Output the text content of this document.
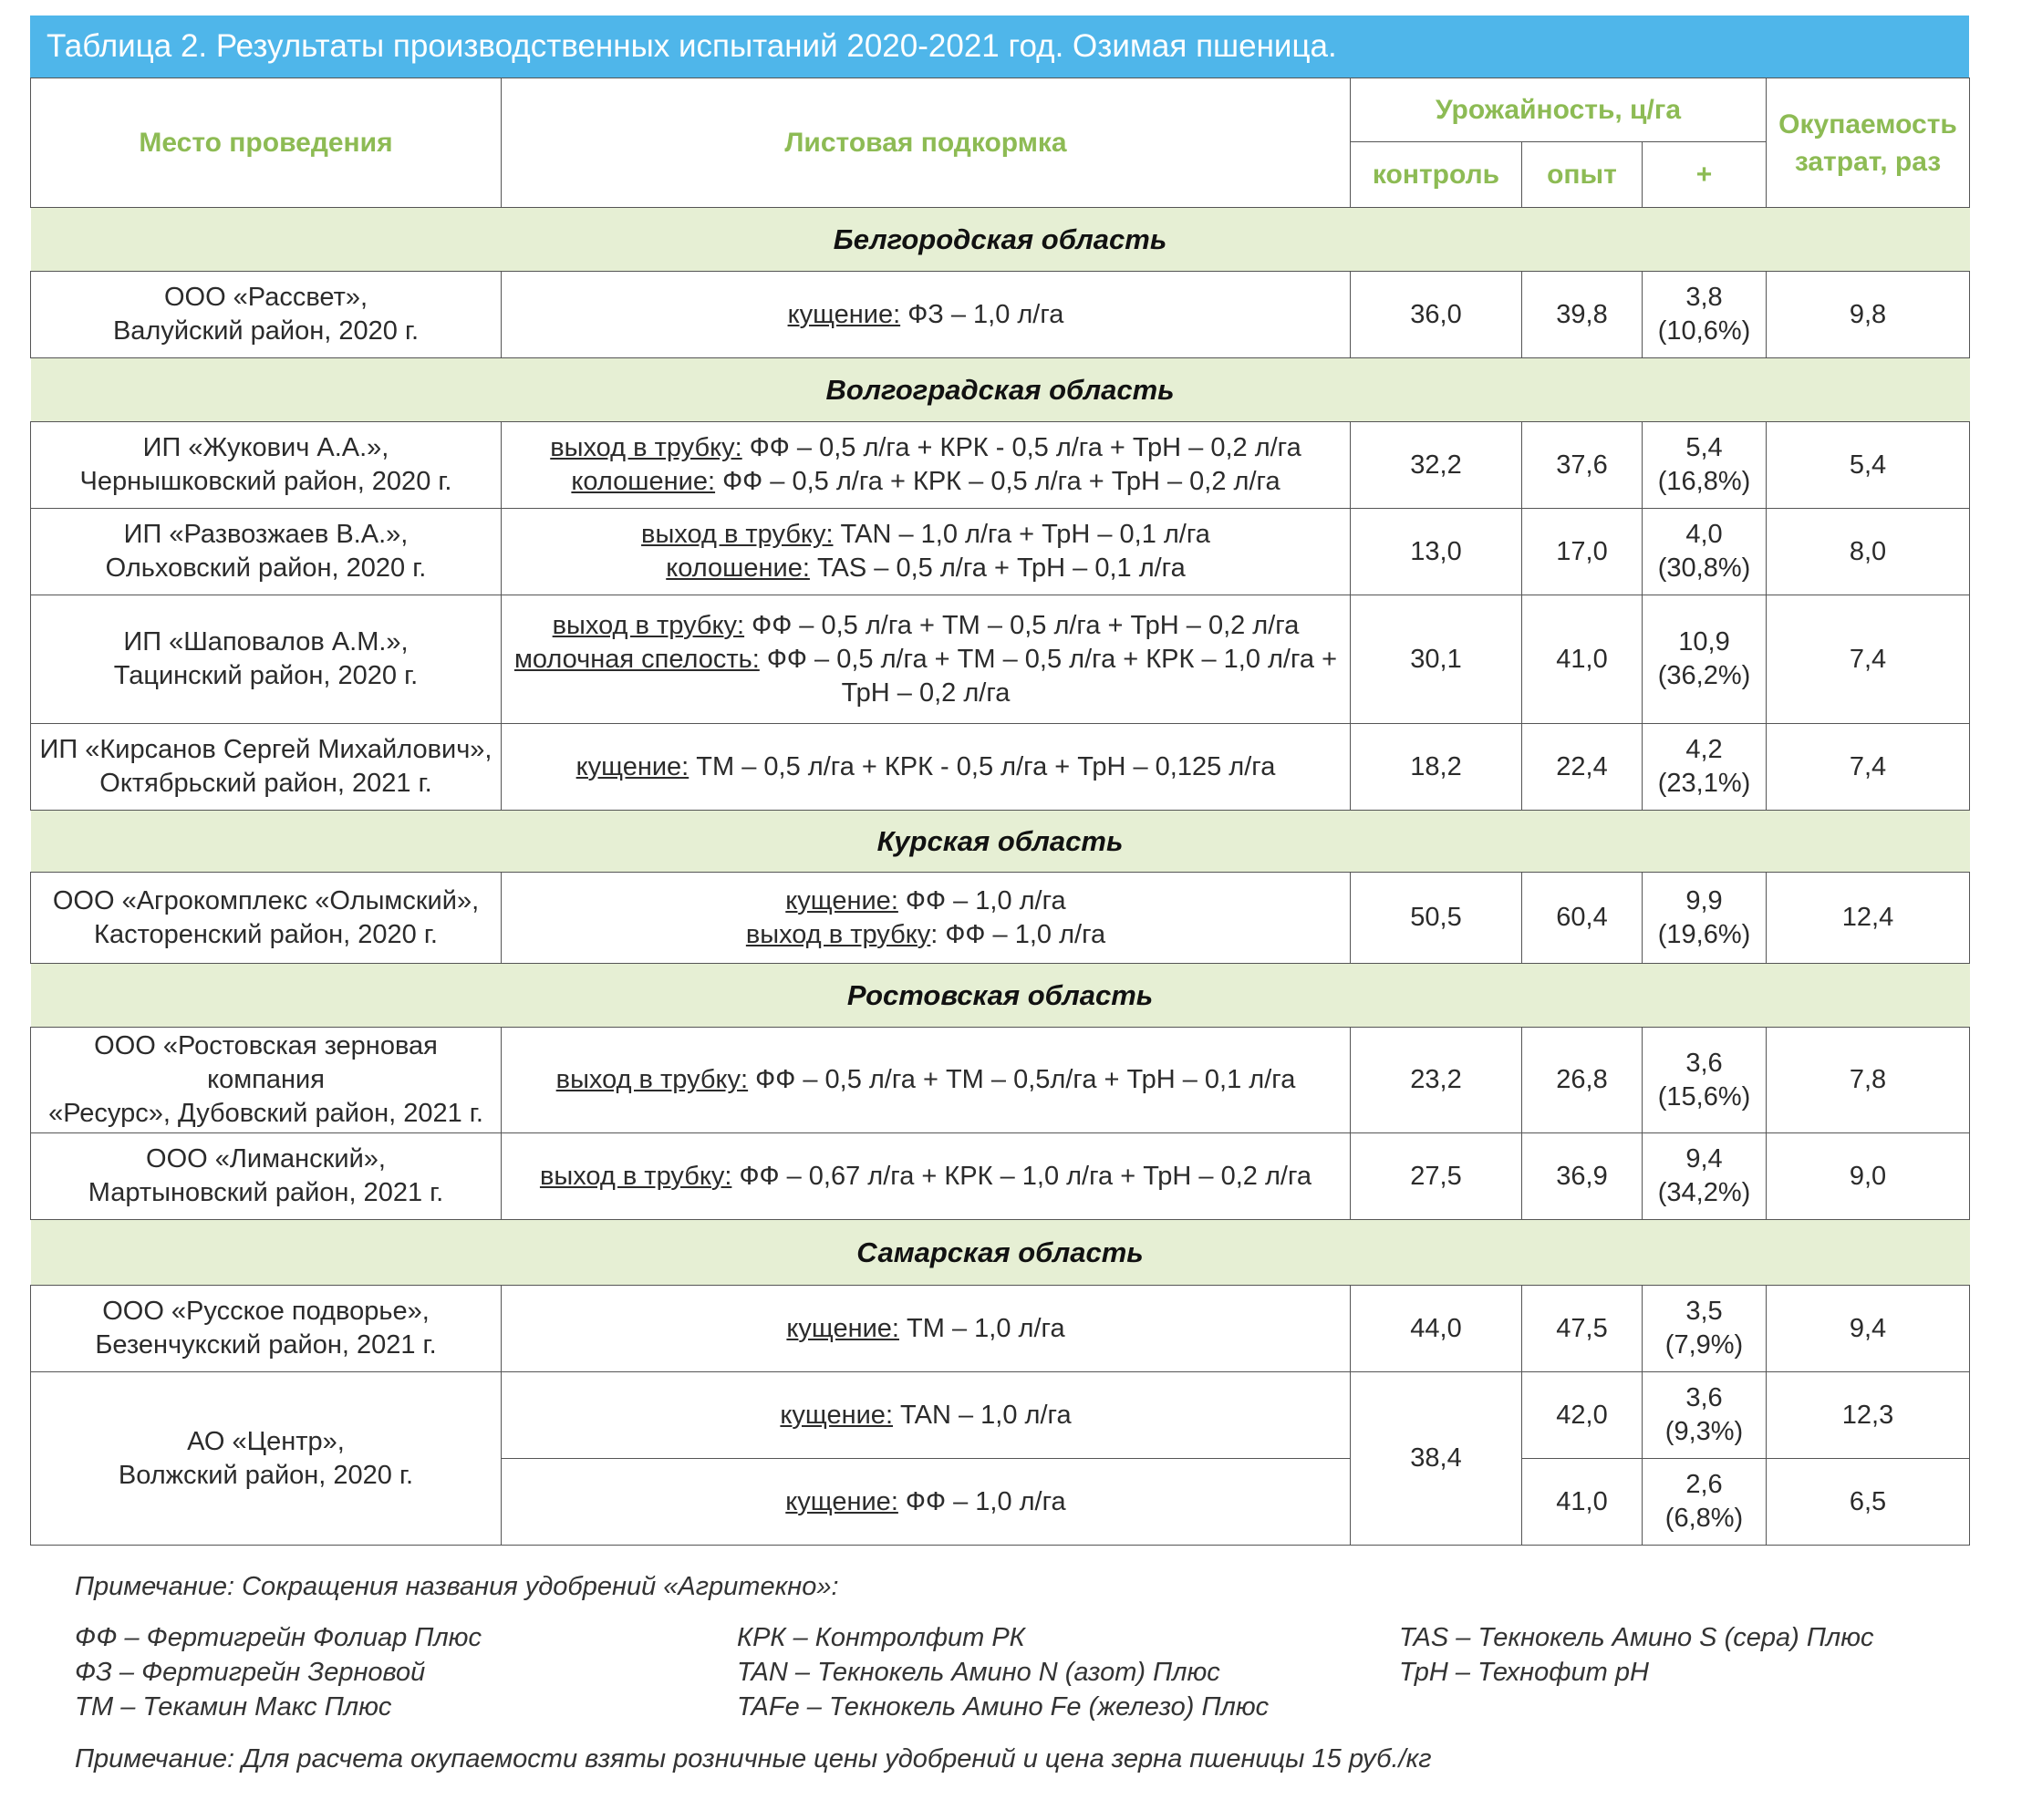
Таблица 2. Результаты производственных испытаний 2020-2021 год. Озимая пшеница.
Место проведения	Листовая подкормка	Урожайность, ц/га			Окупаемость
затрат, раз
		контроль	опыт	+	
Белгородская область					
ООО «Рассвет»,
Валуйский район, 2020 г.	кущение: ФЗ – 1,0 л/га	36,0	39,8	3,8
(10,6%)	9,8
Волгоградская область					
ИП «Жукович А.А.»,
Чернышковский район, 2020 г.	выход в трубку: ФФ – 0,5 л/га + КРК - 0,5 л/га + ТрН – 0,2 л/га
колошение: ФФ – 0,5 л/га + КРК – 0,5 л/га + ТрН – 0,2 л/га	32,2	37,6	5,4
(16,8%)	5,4
ИП «Развозжаев В.А.»,
Ольховский район, 2020 г.	выход в трубку: TAN – 1,0 л/га + ТрН – 0,1 л/га
колошение: TAS – 0,5 л/га + ТрН – 0,1 л/га	13,0	17,0	4,0
(30,8%)	8,0
ИП «Шаповалов А.М.»,
Тацинский район, 2020 г.	выход в трубку: ФФ – 0,5 л/га + ТМ – 0,5 л/га + ТрН – 0,2 л/га
молочная спелость: ФФ – 0,5 л/га + ТМ – 0,5 л/га + КРК – 1,0 л/га + ТрН – 0,2 л/га	30,1	41,0	10,9
(36,2%)	7,4
ИП «Кирсанов Сергей Михайлович»,
Октябрьский район, 2021 г.	кущение: ТМ – 0,5 л/га + КРК - 0,5 л/га + ТрН – 0,125 л/га	18,2	22,4	4,2
(23,1%)	7,4
Курская область					
ООО «Агрокомплекс «Олымский»,
Касторенский район, 2020 г.	кущение: ФФ – 1,0 л/га
выход в трубку: ФФ – 1,0 л/га	50,5	60,4	9,9
(19,6%)	12,4
Ростовская область					
ООО «Ростовская зерновая компания
«Ресурс», Дубовский район, 2021 г.	выход в трубку: ФФ – 0,5 л/га + ТМ – 0,5л/га + ТрН – 0,1 л/га	23,2	26,8	3,6
(15,6%)	7,8
ООО «Лиманский»,
Мартыновский район, 2021 г.	выход в трубку: ФФ – 0,67 л/га + КРК – 1,0 л/га + ТрН – 0,2 л/га	27,5	36,9	9,4
(34,2%)	9,0
Самарская область					
ООО «Русское подворье»,
Безенчукский район, 2021 г.	кущение: ТМ – 1,0 л/га	44,0	47,5	3,5
(7,9%)	9,4
АО «Центр»,
Волжский район, 2020 г.	кущение: TAN – 1,0 л/га	38,4	42,0	3,6
(9,3%)	12,3
	кущение: ФФ – 1,0 л/га		41,0	2,6
(6,8%)	6,5

Примечание: Сокращения названия удобрений «Агритекно»:

ФФ – Фертигрейн Фолиар Плюс	КРК – Контролфит РК	TAS – Текнокель Амино S (сера) Плюс
ФЗ – Фертигрейн Зерновой	TAN – Текнокель Амино N (азот) Плюс	ТрН – Технофит рН
ТМ – Текамин Макс Плюс	TAFe – Текнокель Амино Fe (железо) Плюс

Примечание: Для расчета окупаемости взяты розничные цены удобрений и цена зерна пшеницы 15 руб./кг
